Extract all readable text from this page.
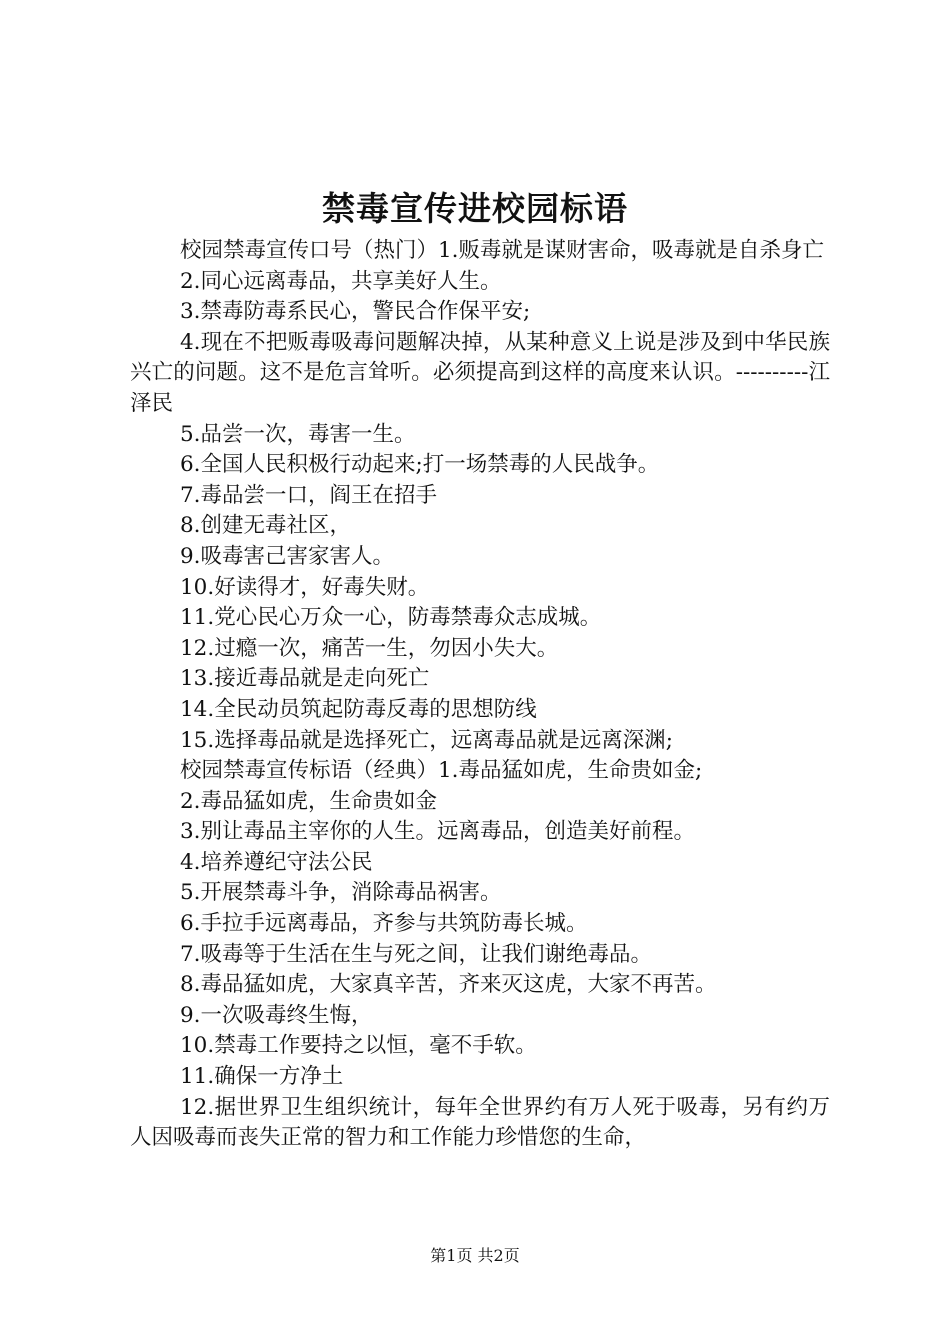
禁毒宣传进校园标语

校园禁毒宣传口号（热门）1.贩毒就是谋财害命，吸毒就是自杀身亡

2.同心远离毒品，共享美好人生。

3.禁毒防毒系民心，警民合作保平安;

4.现在不把贩毒吸毒问题解决掉，从某种意义上说是涉及到中华民族兴亡的问题。这不是危言耸听。必须提高到这样的高度来认识。----------江泽民

5.品尝一次，毒害一生。

6.全国人民积极行动起来;打一场禁毒的人民战争。

7.毒品尝一口，阎王在招手

8.创建无毒社区，

9.吸毒害己害家害人。

10.好读得才，好毒失财。

11.党心民心万众一心，防毒禁毒众志成城。

12.过瘾一次，痛苦一生，勿因小失大。

13.接近毒品就是走向死亡

14.全民动员筑起防毒反毒的思想防线

15.选择毒品就是选择死亡，远离毒品就是远离深渊;

校园禁毒宣传标语（经典）1.毒品猛如虎，生命贵如金;

2.毒品猛如虎，生命贵如金

3.别让毒品主宰你的人生。远离毒品，创造美好前程。

4.培养遵纪守法公民

5.开展禁毒斗争，消除毒品祸害。

6.手拉手远离毒品，齐参与共筑防毒长城。

7.吸毒等于生活在生与死之间，让我们谢绝毒品。

8.毒品猛如虎，大家真辛苦，齐来灭这虎，大家不再苦。

9.一次吸毒终生悔，

10.禁毒工作要持之以恒，毫不手软。

11.确保一方净土

12.据世界卫生组织统计，每年全世界约有万人死于吸毒，另有约万人因吸毒而丧失正常的智力和工作能力珍惜您的生命，

第1页 共2页
